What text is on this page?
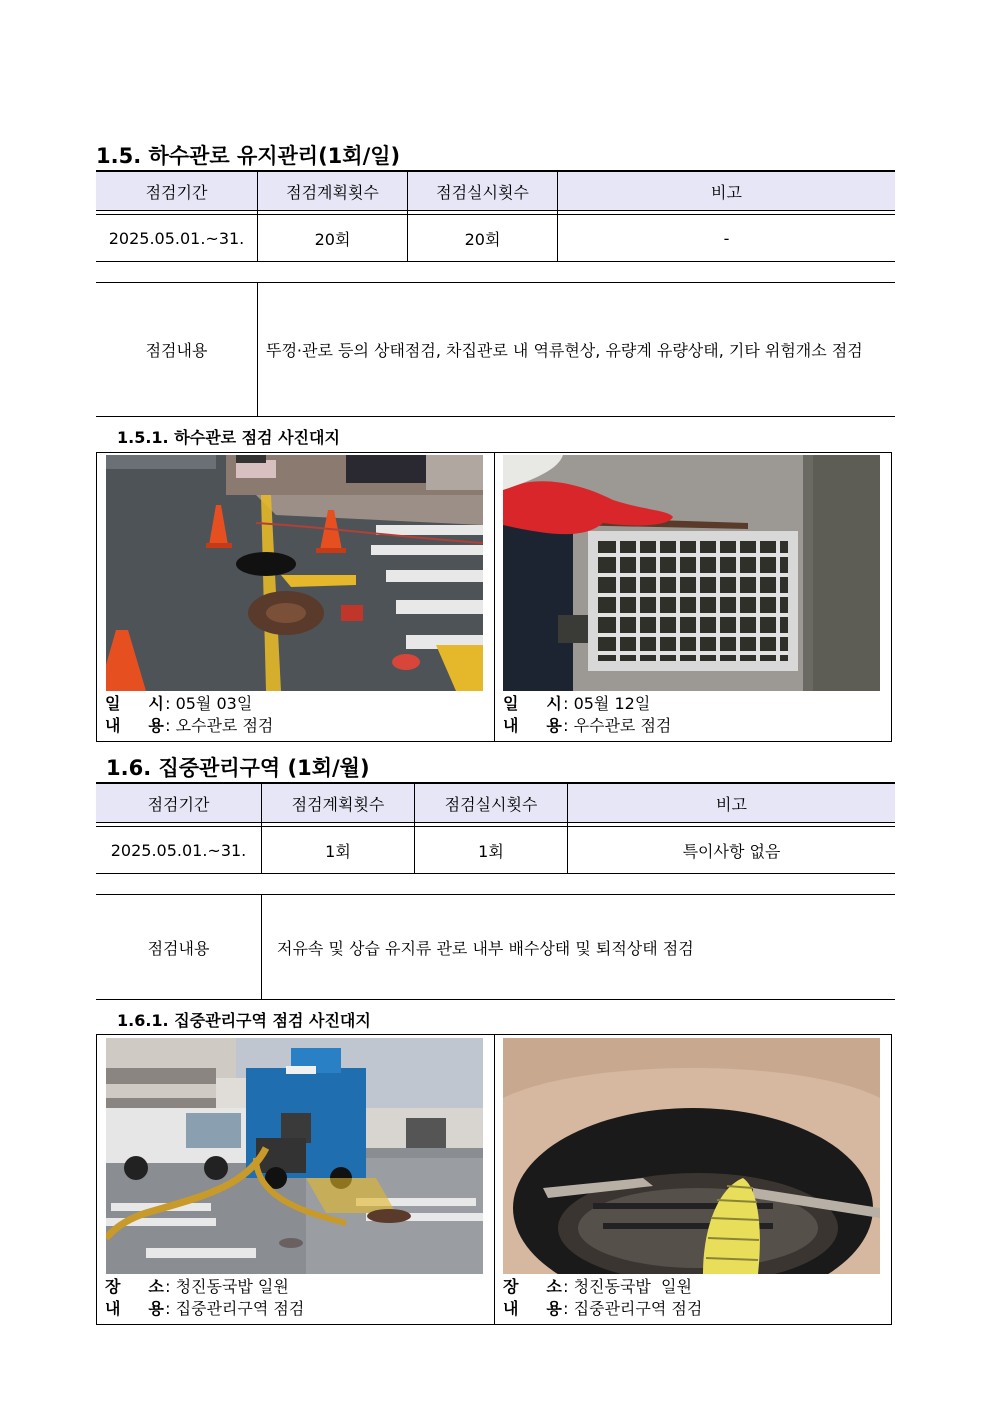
1.5. 하수관로 유지관리(1회/일)
점검기간	점검계획횟수	점검실시횟수	비고

2025.05.01.~31.	20회	20회	-
점검내용	뚜껑·관로 등의 상태점검, 차집관로 내 역류현상, 유량계 유량상태, 기타 위험개소 점검
1.5.1. 하수관로 점검 사진대지
일 시 : 05월 03일
내 용 : 오수관로 점검
일 시 : 05월 12일
내 용 : 우수관로 점검
1.6. 집중관리구역 (1회/월)
점검기간	점검계획횟수	점검실시횟수	비고

2025.05.01.~31.	1회	1회	특이사항 없음
점검내용	저유속 및 상습 유지류 관로 내부 배수상태 및 퇴적상태 점검
1.6.1. 집중관리구역 점검 사진대지
장 소 : 청진동국밥 일원
내 용 : 집중관리구역 점검
장 소 : 청진동국밥  일원
내 용 : 집중관리구역 점검
